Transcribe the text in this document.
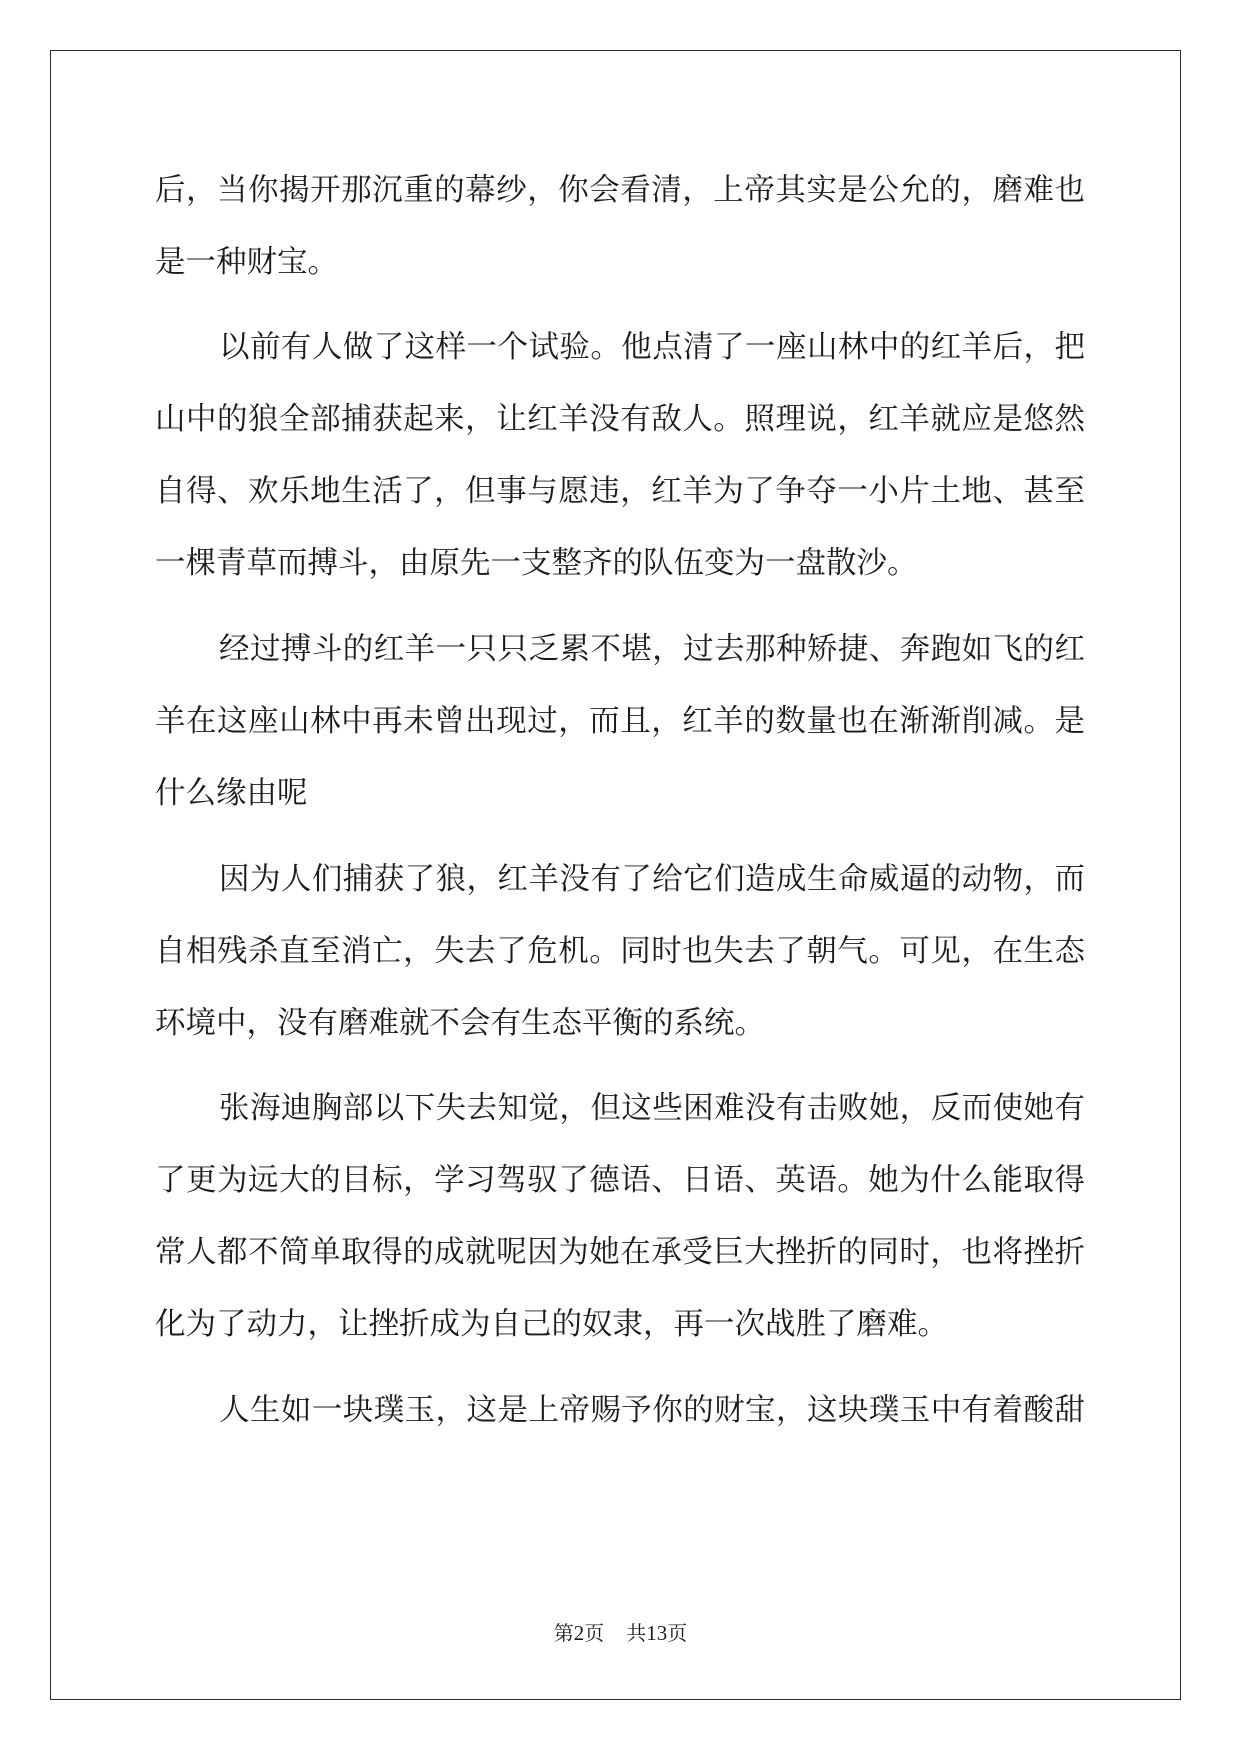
后，当你揭开那沉重的幕纱，你会看清，上帝其实是公允的，磨难也
是一种财宝。
以前有人做了这样一个试验。他点清了一座山林中的红羊后，把
山中的狼全部捕获起来，让红羊没有敌人。照理说，红羊就应是悠然
自得、欢乐地生活了，但事与愿违，红羊为了争夺一小片土地、甚至
一棵青草而搏斗，由原先一支整齐的队伍变为一盘散沙。
经过搏斗的红羊一只只乏累不堪，过去那种矫捷、奔跑如飞的红
羊在这座山林中再未曾出现过，而且，红羊的数量也在渐渐削减。是
什么缘由呢
因为人们捕获了狼，红羊没有了给它们造成生命威逼的动物，而
自相残杀直至消亡，失去了危机。同时也失去了朝气。可见，在生态
环境中，没有磨难就不会有生态平衡的系统。
张海迪胸部以下失去知觉，但这些困难没有击败她，反而使她有
了更为远大的目标，学习驾驭了德语、日语、英语。她为什么能取得
常人都不简单取得的成就呢因为她在承受巨大挫折的同时，也将挫折
化为了动力，让挫折成为自己的奴隶，再一次战胜了磨难。
人生如一块璞玉，这是上帝赐予你的财宝，这块璞玉中有着酸甜
第2页 共13页
